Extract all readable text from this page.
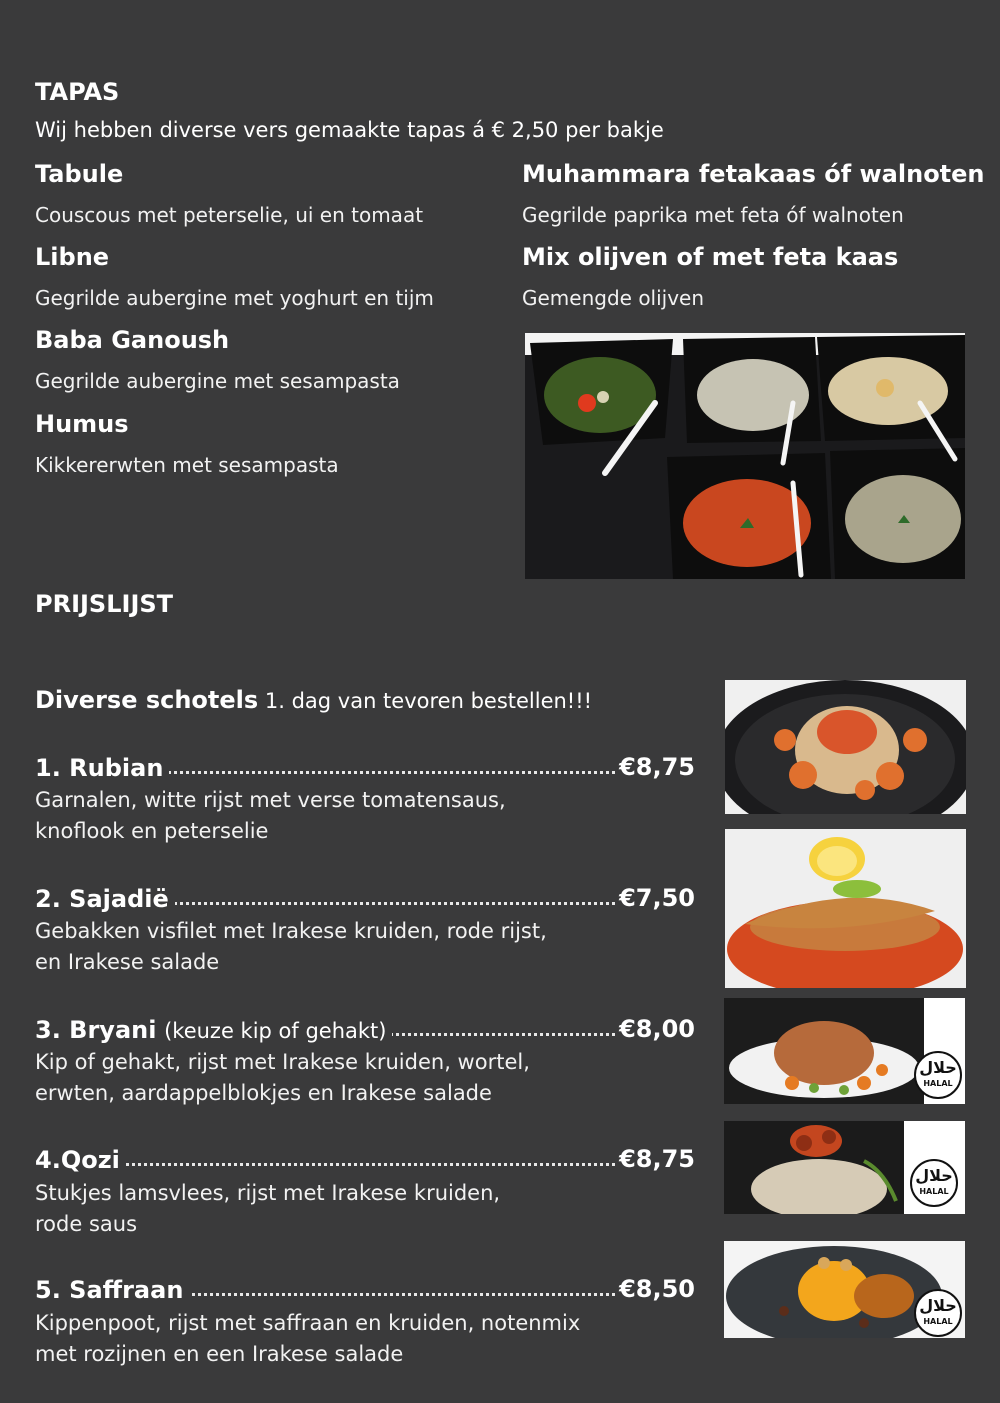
TAPAS
Wij hebben diverse vers gemaakte tapas á € 2,50 per bakje
Tabule
Couscous met peterselie, ui en tomaat
Muhammara fetakaas óf walnoten
Gegrilde paprika met feta óf walnoten
Libne
Gegrilde aubergine met yoghurt en tijm
Mix olijven of met feta kaas
Gemengde olijven
Baba Ganoush
Gegrilde aubergine met sesampasta
Humus
Kikkererwten met sesampasta
PRIJSLIJST
Diverse schotels 1. dag van tevoren bestellen!!!
1. Rubian	€8,75
Garnalen, witte rijst met verse tomatensaus,
knoflook en peterselie
2. Sajadië	€7,50
Gebakken visfilet met Irakese kruiden, rode rijst,
en Irakese salade
3. Bryani (keuze kip of gehakt)	€8,00
Kip of gehakt, rijst met Irakese kruiden, wortel,
erwten, aardappelblokjes en Irakese salade
4.Qozi	€8,75
Stukjes lamsvlees, rijst met Irakese kruiden,
rode saus
5. Saffraan	€8,50
Kippenpoot, rijst met saffraan en kruiden, notenmix
met rozijnen en een Irakese salade
حلال
HALAL
حلال
HALAL
حلال
HALAL
